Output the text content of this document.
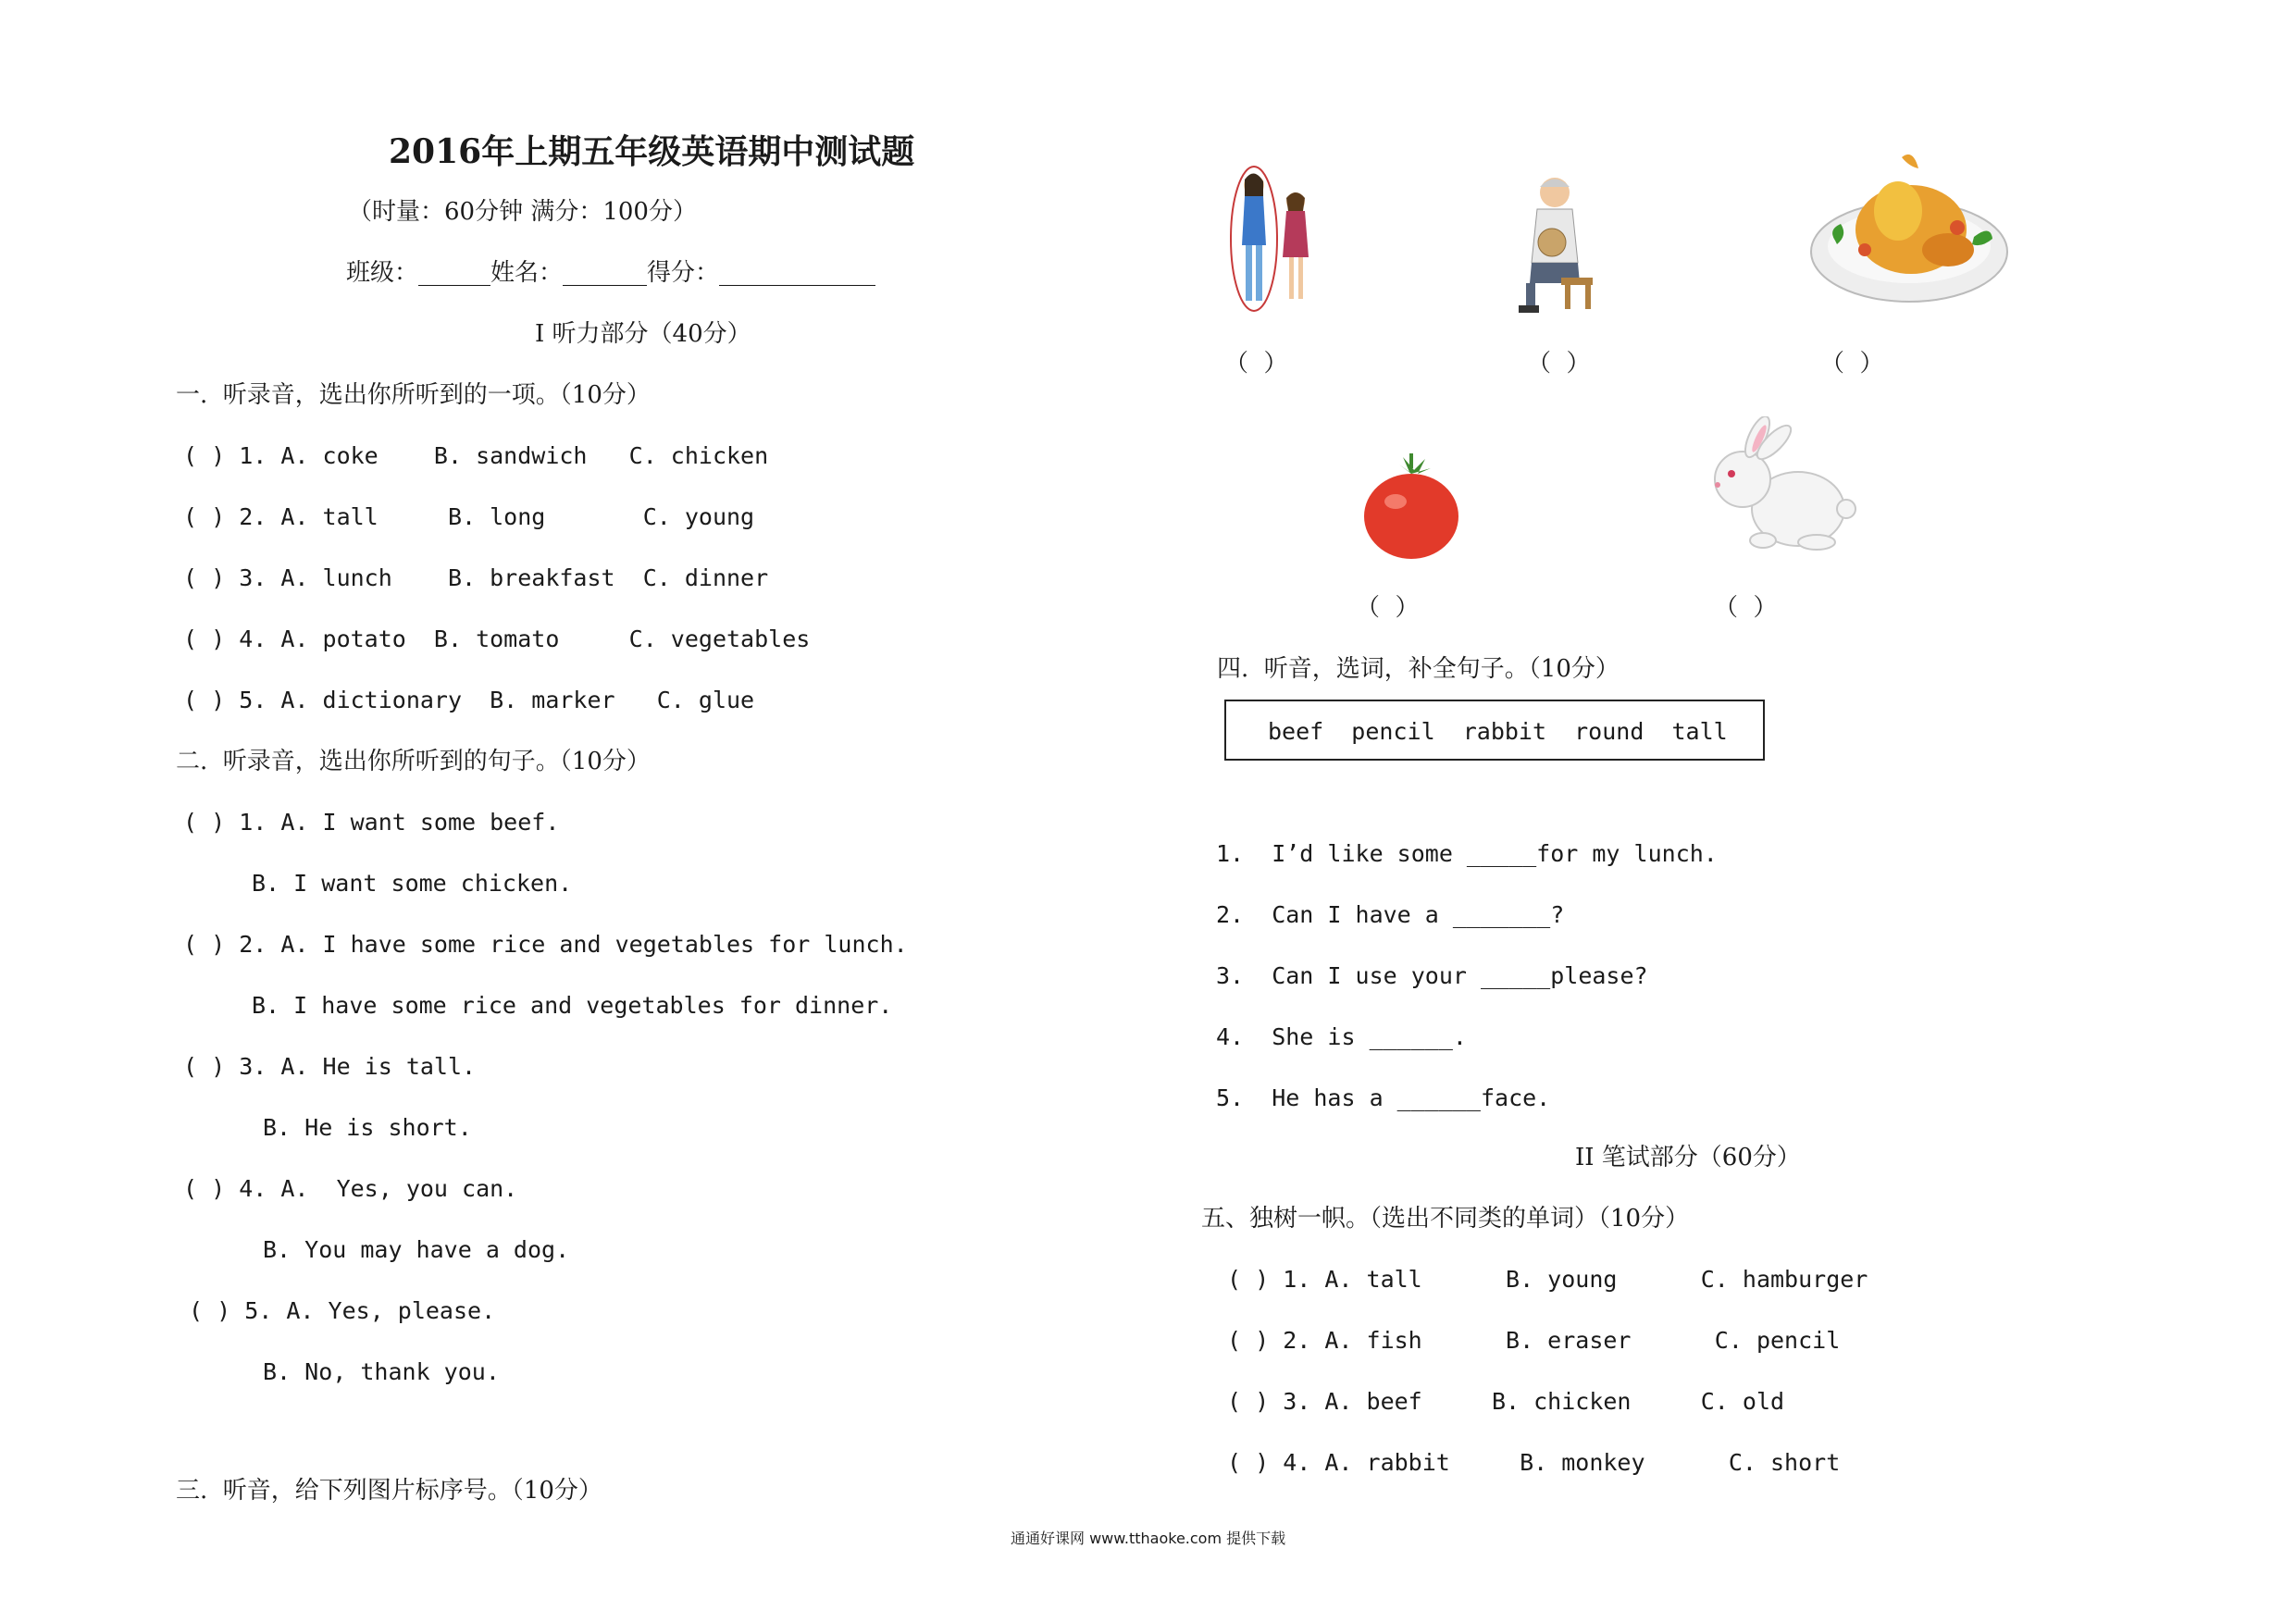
2016年上期五年级英语期中测试题
（时量：60分钟 满分：100分）
班级：______姓名：_______得分：_____________
Ⅰ 听力部分（40分）
一.  听录音，选出你所听到的一项。（10分）
( ) 1. A. coke    B. sandwich   C. chicken
( ) 2. A. tall     B. long       C. young
( ) 3. A. lunch    B. breakfast  C. dinner
( ) 4. A. potato  B. tomato     C. vegetables
( ) 5. A. dictionary  B. marker   C. glue
二.  听录音，选出你所听到的句子。（10分）
( ) 1. A. I want some beef.
B. I want some chicken.
( ) 2. A. I have some rice and vegetables for lunch.
B. I have some rice and vegetables for dinner.
( ) 3. A. He is tall.
B. He is short.
( ) 4. A.  Yes, you can.
B. You may have a dog.
( ) 5. A. Yes, please.
B. No, thank you.
三.  听音，给下列图片标序号。（10分）
（  ）	（  ）	（  ）
（  ）	（  ）
四.  听音，选词，补全句子。（10分）
beef  pencil  rabbit  round  tall
1.  I’d like some _____for my lunch.
2.  Can I have a _______?
3.  Can I use your _____please?
4.  She is ______.
5.  He has a ______face.
II 笔试部分（60分）
五、独树一帜。（选出不同类的单词）（10分）
( ) 1. A. tall      B. young      C. hamburger
( ) 2. A. fish      B. eraser      C. pencil
( ) 3. A. beef     B. chicken     C. old
( ) 4. A. rabbit     B. monkey      C. short
通通好课网 www.tthaoke.com 提供下载
